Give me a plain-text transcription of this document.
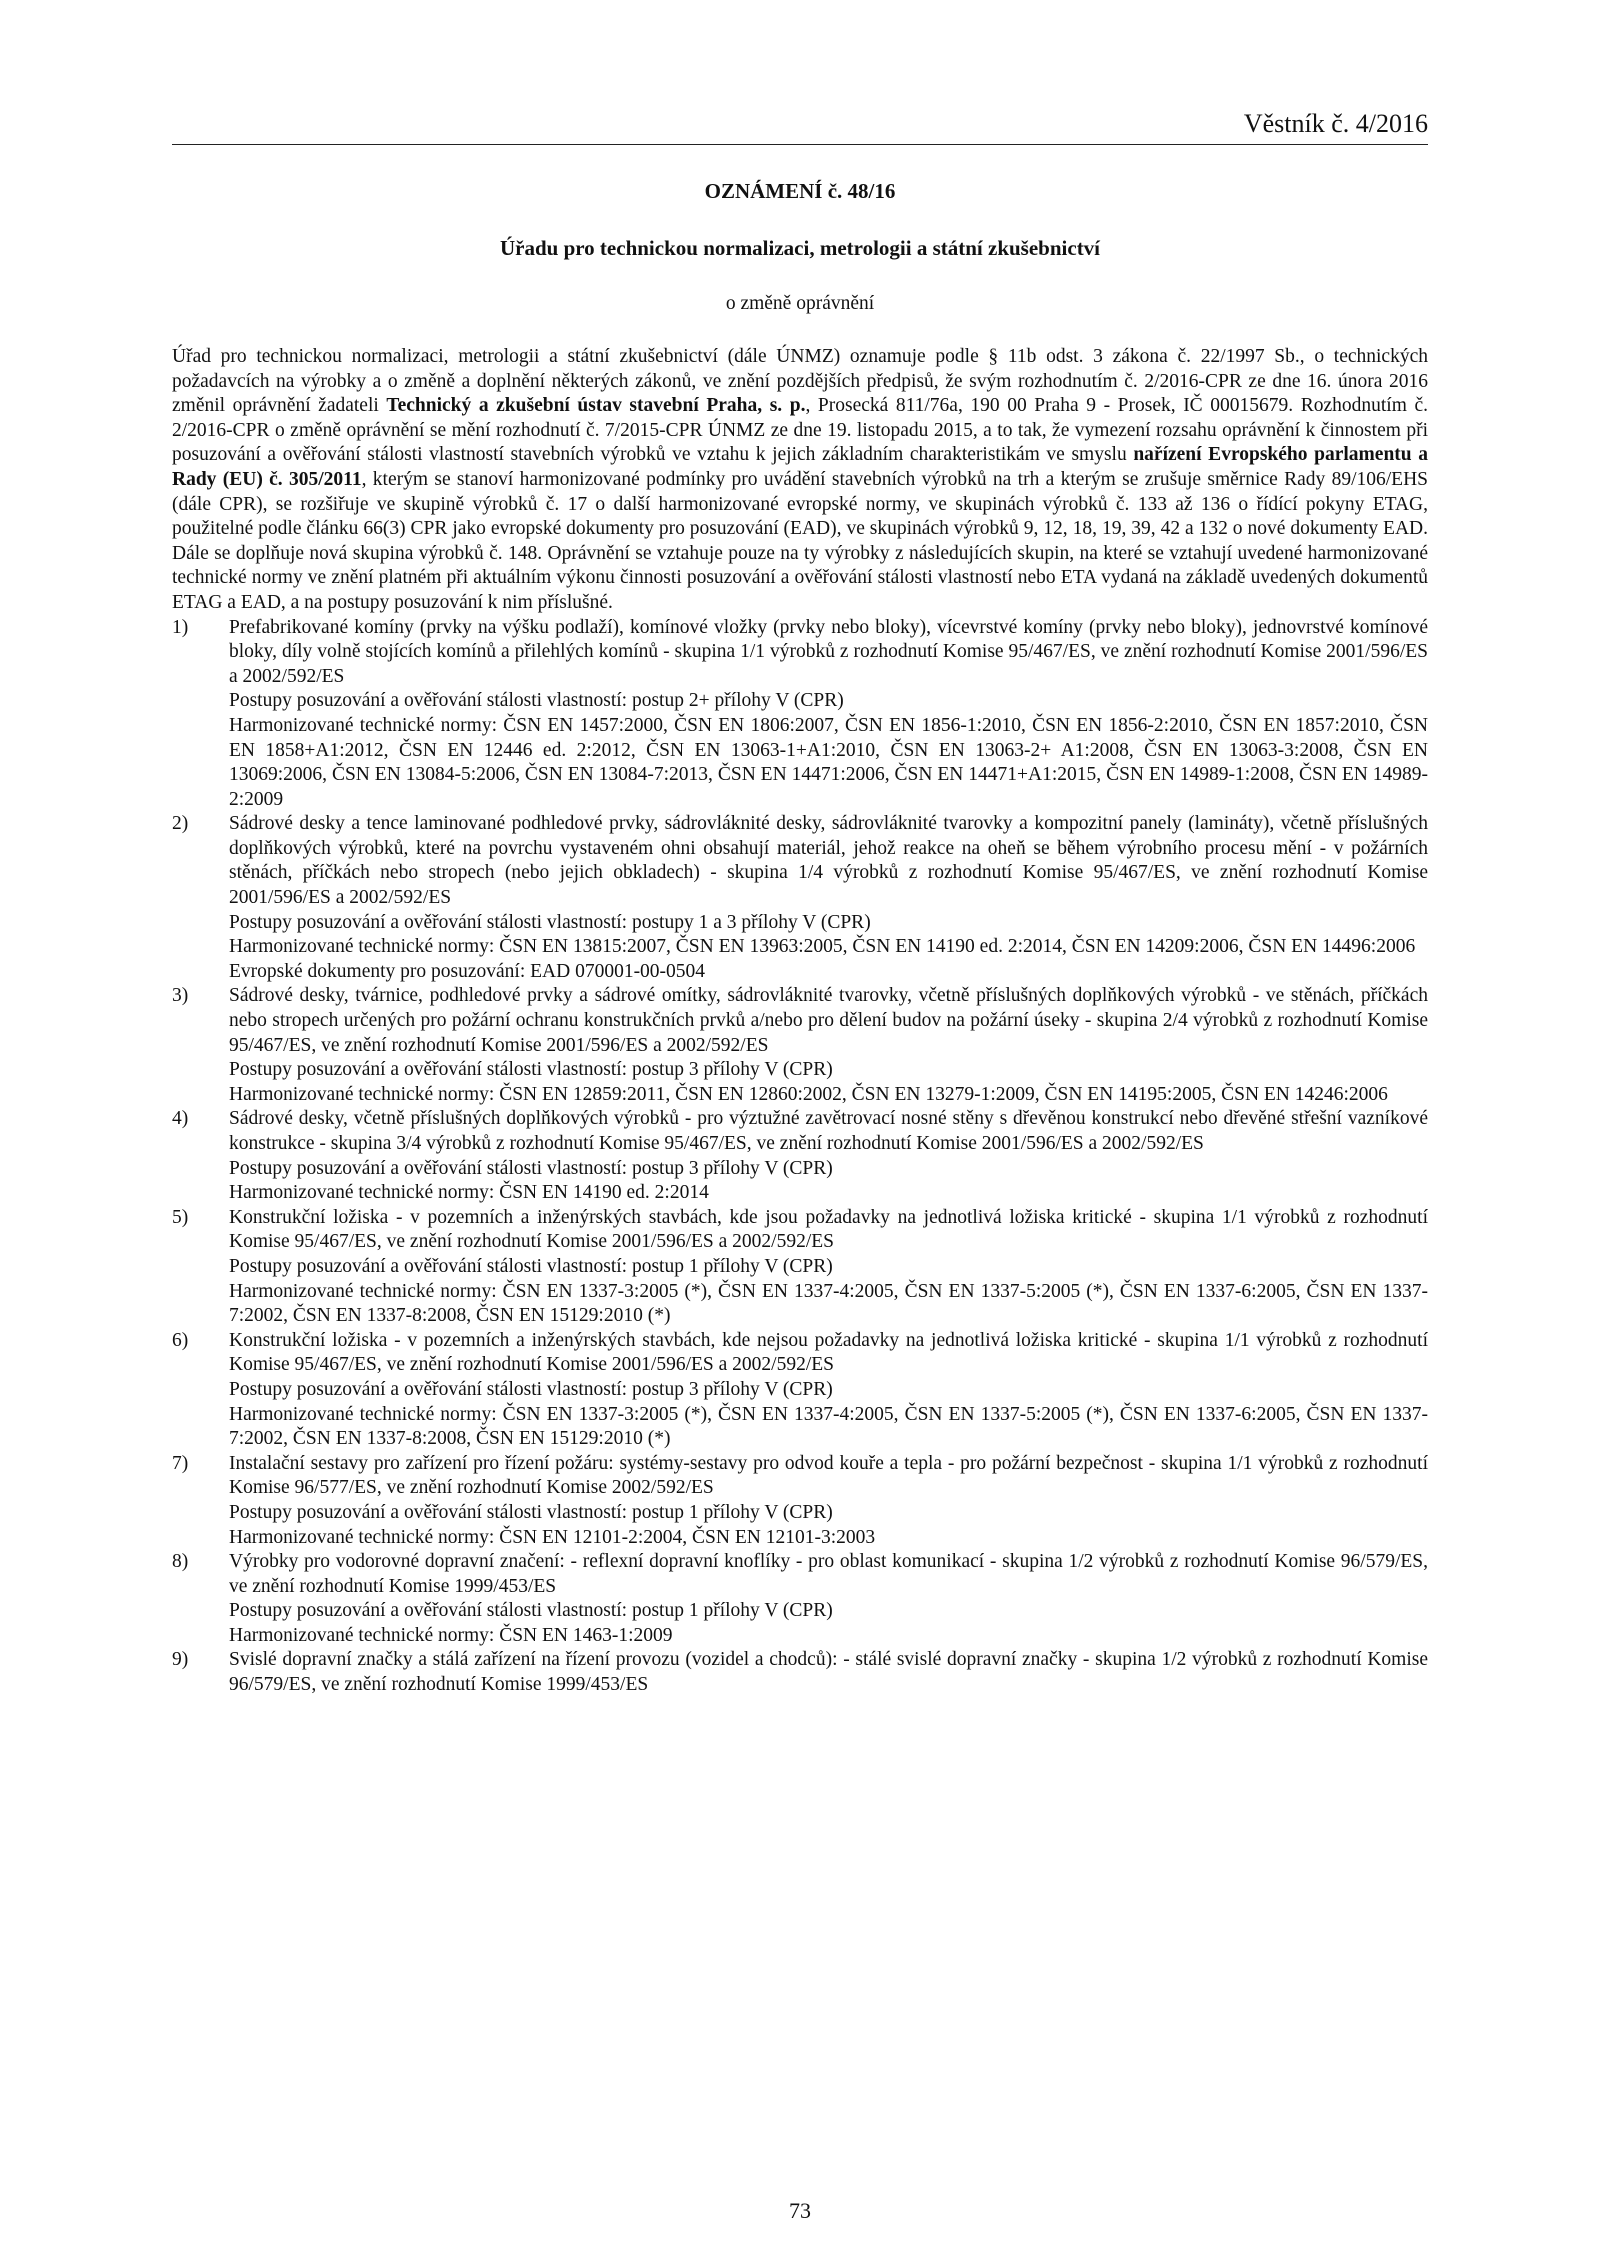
Věstník č. 4/2016
OZNÁMENÍ č. 48/16
Úřadu pro technickou normalizaci, metrologii a státní zkušebnictví
o změně oprávnění
Úřad pro technickou normalizaci, metrologii a státní zkušebnictví (dále ÚNMZ) oznamuje podle § 11b odst. 3 zákona č. 22/1997 Sb., o technických požadavcích na výrobky a o změně a doplnění některých zákonů, ve znění pozdějších předpisů, že svým rozhodnutím č. 2/2016-CPR ze dne 16. února 2016 změnil oprávnění žadateli Technický a zkušební ústav stavební Praha, s. p., Prosecká 811/76a, 190 00 Praha 9 - Prosek, IČ 00015679. Rozhodnutím č. 2/2016-CPR o změně oprávnění se mění rozhodnutí č. 7/2015-CPR ÚNMZ ze dne 19. listopadu 2015, a to tak, že vymezení rozsahu oprávnění k činnostem při posuzování a ověřování stálosti vlastností stavebních výrobků ve vztahu k jejich základním charakteristikám ve smyslu nařízení Evropského parlamentu a Rady (EU) č. 305/2011, kterým se stanoví harmonizované podmínky pro uvádění stavebních výrobků na trh a kterým se zrušuje směrnice Rady 89/106/EHS (dále CPR), se rozšiřuje ve skupině výrobků č. 17 o další harmonizované evropské normy, ve skupinách výrobků č. 133 až 136 o řídící pokyny ETAG, použitelné podle článku 66(3) CPR jako evropské dokumenty pro posuzování (EAD), ve skupinách výrobků 9, 12, 18, 19, 39, 42 a 132 o nové dokumenty EAD. Dále se doplňuje nová skupina výrobků č. 148. Oprávnění se vztahuje pouze na ty výrobky z následujících skupin, na které se vztahují uvedené harmonizované technické normy ve znění platném při aktuálním výkonu činnosti posuzování a ověřování stálosti vlastností nebo ETA vydaná na základě uvedených dokumentů ETAG a EAD, a na postupy posuzování k nim příslušné.
1)	Prefabrikované komíny (prvky na výšku podlaží), komínové vložky (prvky nebo bloky), vícevrstvé komíny (prvky nebo bloky), jednovrstvé komínové bloky, díly volně stojících komínů a přilehlých komínů - skupina 1/1 výrobků z rozhodnutí Komise 95/467/ES, ve znění rozhodnutí Komise 2001/596/ES a 2002/592/ES
Postupy posuzování a ověřování stálosti vlastností: postup 2+ přílohy V (CPR)
Harmonizované technické normy: ČSN EN 1457:2000, ČSN EN 1806:2007, ČSN EN 1856-1:2010, ČSN EN 1856-2:2010, ČSN EN 1857:2010, ČSN EN 1858+A1:2012, ČSN EN 12446 ed. 2:2012, ČSN EN 13063-1+A1:2010, ČSN EN 13063-2+ A1:2008, ČSN EN 13063-3:2008, ČSN EN 13069:2006, ČSN EN 13084-5:2006, ČSN EN 13084-7:2013, ČSN EN 14471:2006, ČSN EN 14471+A1:2015, ČSN EN 14989-1:2008, ČSN EN 14989-2:2009
2)	Sádrové desky a tence laminované podhledové prvky, sádrovláknité desky, sádrovláknité tvarovky a kompozitní panely (lamináty), včetně příslušných doplňkových výrobků, které na povrchu vystaveném ohni obsahují materiál, jehož reakce na oheň se během výrobního procesu mění - v požárních stěnách, příčkách nebo stropech (nebo jejich obkladech) - skupina 1/4 výrobků z rozhodnutí Komise 95/467/ES, ve znění rozhodnutí Komise 2001/596/ES a 2002/592/ES
Postupy posuzování a ověřování stálosti vlastností: postupy 1 a 3 přílohy V (CPR)
Harmonizované technické normy: ČSN EN 13815:2007, ČSN EN 13963:2005, ČSN EN 14190 ed. 2:2014, ČSN EN 14209:2006, ČSN EN 14496:2006
Evropské dokumenty pro posuzování: EAD 070001-00-0504
3)	Sádrové desky, tvárnice, podhledové prvky a sádrové omítky, sádrovláknité tvarovky, včetně příslušných doplňkových výrobků - ve stěnách, příčkách nebo stropech určených pro požární ochranu konstrukčních prvků a/nebo pro dělení budov na požární úseky - skupina 2/4 výrobků z rozhodnutí Komise 95/467/ES, ve znění rozhodnutí Komise 2001/596/ES a 2002/592/ES
Postupy posuzování a ověřování stálosti vlastností: postup 3 přílohy V (CPR)
Harmonizované technické normy: ČSN EN 12859:2011, ČSN EN 12860:2002, ČSN EN 13279-1:2009, ČSN EN 14195:2005, ČSN EN 14246:2006
4)	Sádrové desky, včetně příslušných doplňkových výrobků - pro výztužné zavětrovací nosné stěny s dřevěnou konstrukcí nebo dřevěné střešní vazníkové konstrukce - skupina 3/4 výrobků z rozhodnutí Komise 95/467/ES, ve znění rozhodnutí Komise 2001/596/ES a 2002/592/ES
Postupy posuzování a ověřování stálosti vlastností: postup 3 přílohy V (CPR)
Harmonizované technické normy: ČSN EN 14190 ed. 2:2014
5)	Konstrukční ložiska - v pozemních a inženýrských stavbách, kde jsou požadavky na jednotlivá ložiska kritické - skupina 1/1 výrobků z rozhodnutí Komise 95/467/ES, ve znění rozhodnutí Komise 2001/596/ES a 2002/592/ES
Postupy posuzování a ověřování stálosti vlastností: postup 1 přílohy V (CPR)
Harmonizované technické normy: ČSN EN 1337-3:2005 (*), ČSN EN 1337-4:2005, ČSN EN 1337-5:2005 (*), ČSN EN 1337-6:2005, ČSN EN 1337-7:2002, ČSN EN 1337-8:2008, ČSN EN 15129:2010 (*)
6)	Konstrukční ložiska - v pozemních a inženýrských stavbách, kde nejsou požadavky na jednotlivá ložiska kritické - skupina 1/1 výrobků z rozhodnutí Komise 95/467/ES, ve znění rozhodnutí Komise 2001/596/ES a 2002/592/ES
Postupy posuzování a ověřování stálosti vlastností: postup 3 přílohy V (CPR)
Harmonizované technické normy: ČSN EN 1337-3:2005 (*), ČSN EN 1337-4:2005, ČSN EN 1337-5:2005 (*), ČSN EN 1337-6:2005, ČSN EN 1337-7:2002, ČSN EN 1337-8:2008, ČSN EN 15129:2010 (*)
7)	Instalační sestavy pro zařízení pro řízení požáru: systémy-sestavy pro odvod kouře a tepla - pro požární bezpečnost - skupina 1/1 výrobků z rozhodnutí Komise 96/577/ES, ve znění rozhodnutí Komise 2002/592/ES
Postupy posuzování a ověřování stálosti vlastností: postup 1 přílohy V (CPR)
Harmonizované technické normy: ČSN EN 12101-2:2004, ČSN EN 12101-3:2003
8)	Výrobky pro vodorovné dopravní značení: - reflexní dopravní knoflíky - pro oblast komunikací - skupina 1/2 výrobků z rozhodnutí Komise 96/579/ES, ve znění rozhodnutí Komise 1999/453/ES
Postupy posuzování a ověřování stálosti vlastností: postup 1 přílohy V (CPR)
Harmonizované technické normy: ČSN EN 1463-1:2009
9)	Svislé dopravní značky a stálá zařízení na řízení provozu (vozidel a chodců): - stálé svislé dopravní značky - skupina 1/2 výrobků z rozhodnutí Komise 96/579/ES, ve znění rozhodnutí Komise 1999/453/ES
73
